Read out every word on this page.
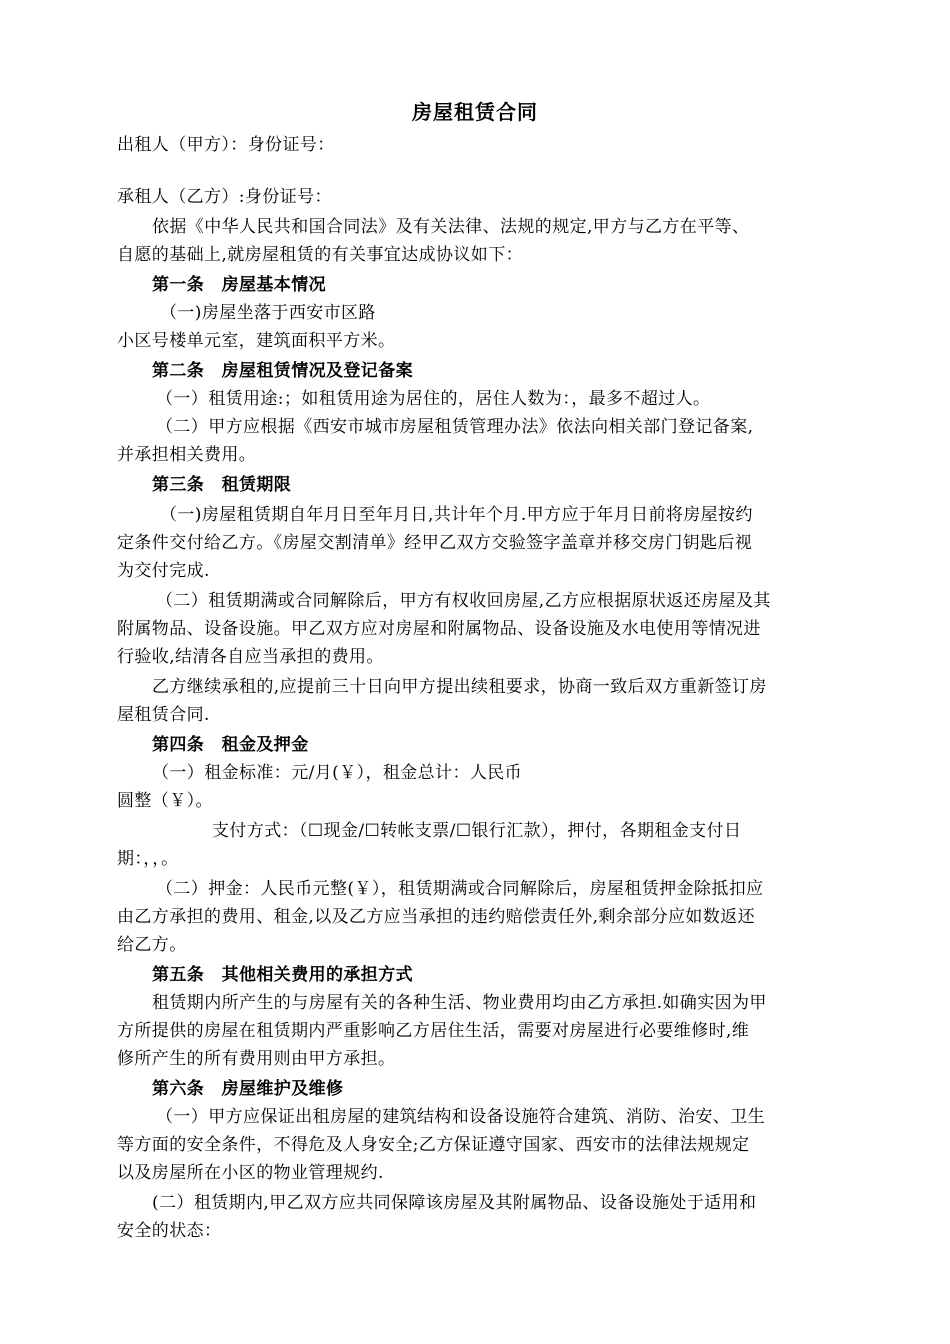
房屋租赁合同
出租人（甲方）：身份证号：
承租人（乙方）:身份证号：
依据《中华人民共和国合同法》及有关法律、法规的规定,甲方与乙方在平等、
自愿的基础上,就房屋租赁的有关事宜达成协议如下：
第一条　房屋基本情况
（一)房屋坐落于西安市区路
小区号楼单元室，建筑面积平方米。
第二条　房屋租赁情况及登记备案
（一）租赁用途:；如租赁用途为居住的，居住人数为：，最多不超过人。
（二）甲方应根据《西安市城市房屋租赁管理办法》依法向相关部门登记备案,
并承担相关费用。
第三条　租赁期限
（一)房屋租赁期自年月日至年月日,共计年个月.甲方应于年月日前将房屋按约
定条件交付给乙方。《房屋交割清单》经甲乙双方交验签字盖章并移交房门钥匙后视
为交付完成.
（二）租赁期满或合同解除后，甲方有权收回房屋,乙方应根据原状返还房屋及其
附属物品、设备设施。甲乙双方应对房屋和附属物品、设备设施及水电使用等情况进
行验收,结清各自应当承担的费用。
乙方继续承租的,应提前三十日向甲方提出续租要求，协商一致后双方重新签订房
屋租赁合同.
第四条　租金及押金
（一）租金标准：元/月(￥），租金总计：人民币
圆整（￥）。
支付方式：（☐现金/☐转帐支票/☐银行汇款），押付，各期租金支付日
期：，，。
（二）押金：人民币元整(￥），租赁期满或合同解除后，房屋租赁押金除抵扣应
由乙方承担的费用、租金,以及乙方应当承担的违约赔偿责任外,剩余部分应如数返还
给乙方。
第五条　其他相关费用的承担方式
租赁期内所产生的与房屋有关的各种生活、物业费用均由乙方承担.如确实因为甲
方所提供的房屋在租赁期内严重影响乙方居住生活，需要对房屋进行必要维修时,维
修所产生的所有费用则由甲方承担。
第六条　房屋维护及维修
（一）甲方应保证出租房屋的建筑结构和设备设施符合建筑、消防、治安、卫生
等方面的安全条件，不得危及人身安全;乙方保证遵守国家、西安市的法律法规规定
以及房屋所在小区的物业管理规约.
(二）租赁期内,甲乙双方应共同保障该房屋及其附属物品、设备设施处于适用和
安全的状态：
